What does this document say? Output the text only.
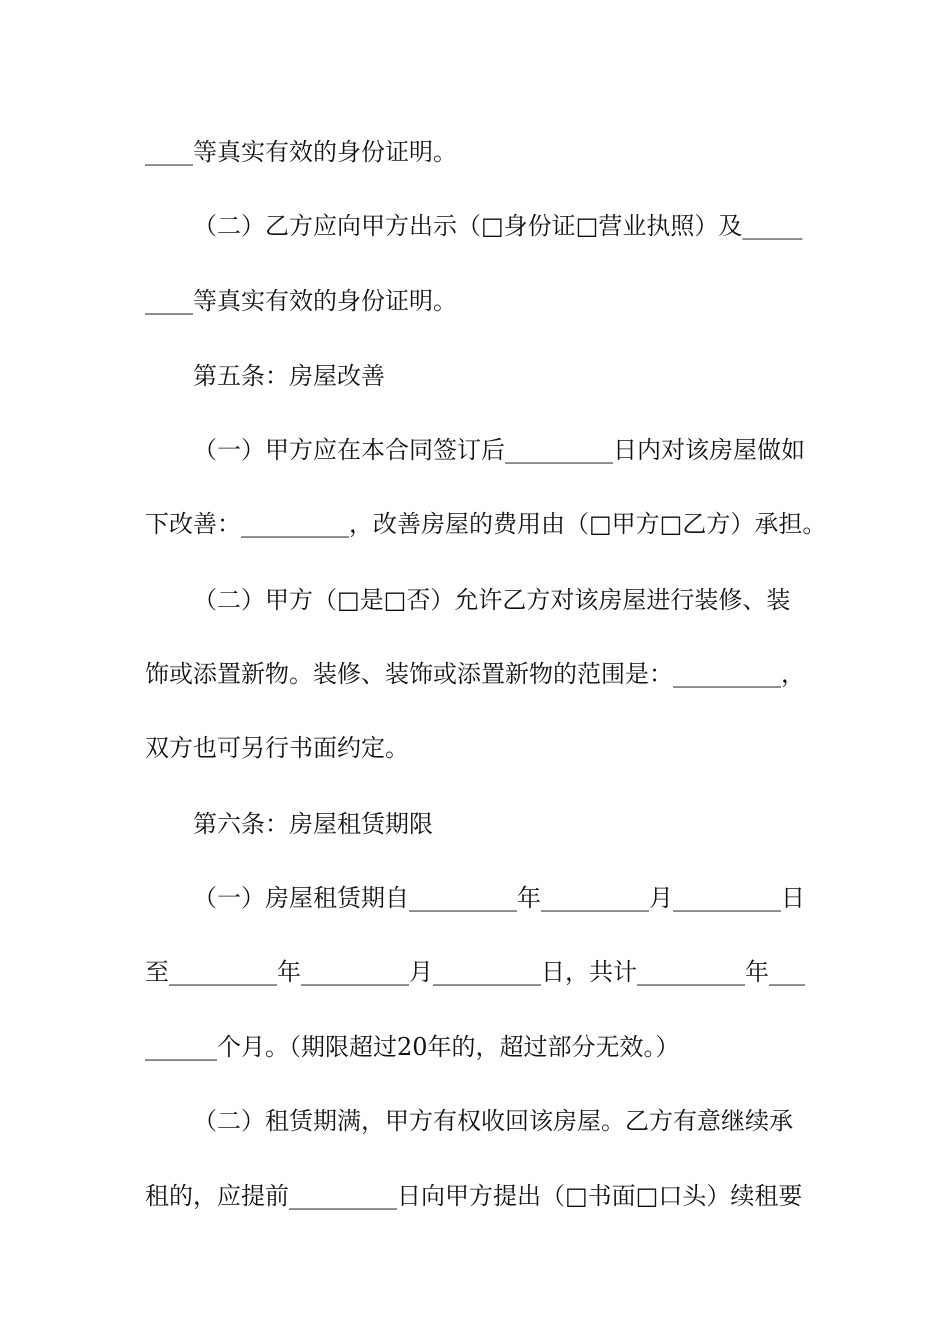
____等真实有效的身份证明。
（二）乙方应向甲方出示（□身份证□营业执照）及_____
____等真实有效的身份证明。
第五条：房屋改善
（一）甲方应在本合同签订后_________日内对该房屋做如
下改善：_________，改善房屋的费用由（□甲方□乙方）承担。
（二）甲方（□是□否）允许乙方对该房屋进行装修、装
饰或添置新物。装修、装饰或添置新物的范围是：_________，
双方也可另行书面约定。
第六条：房屋租赁期限
（一）房屋租赁期自_________年_________月_________日
至_________年_________月_________日，共计_________年___
______个月。（期限超过20年的，超过部分无效。）
（二）租赁期满，甲方有权收回该房屋。乙方有意继续承
租的，应提前_________日向甲方提出（□书面□口头）续租要
